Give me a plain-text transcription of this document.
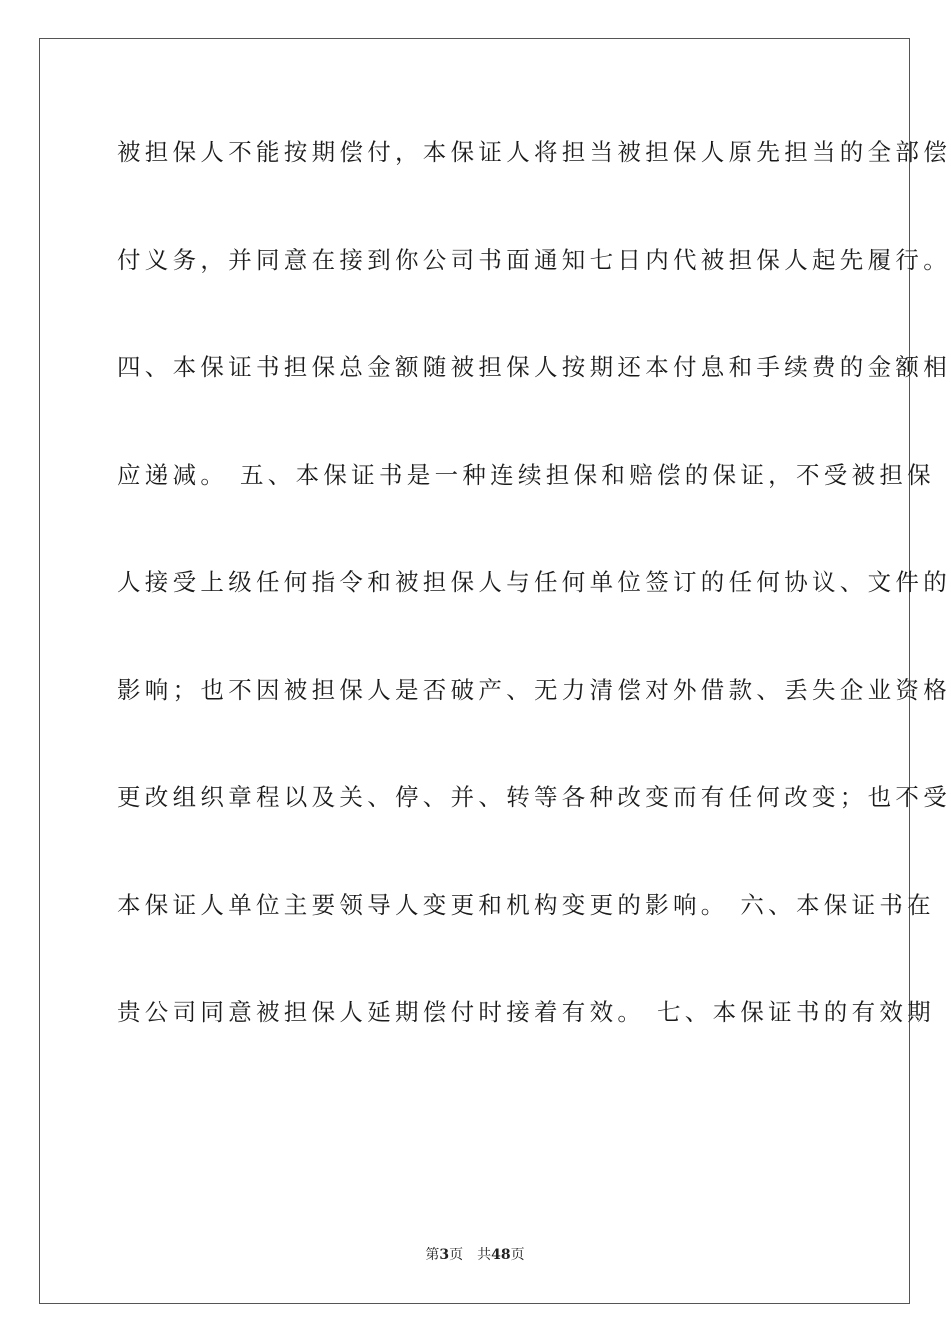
被担保人不能按期偿付，本保证人将担当被担保人原先担当的全部偿
付义务，并同意在接到你公司书面通知七日内代被担保人起先履行。
四、本保证书担保总金额随被担保人按期还本付息和手续费的金额相
应递减。 五、本保证书是一种连续担保和赔偿的保证，不受被担保
人接受上级任何指令和被担保人与任何单位签订的任何协议、文件的
影响；也不因被担保人是否破产、无力清偿对外借款、丢失企业资格
更改组织章程以及关、停、并、转等各种改变而有任何改变；也不受
本保证人单位主要领导人变更和机构变更的影响。 六、本保证书在
贵公司同意被担保人延期偿付时接着有效。 七、本保证书的有效期
第3页 共48页
